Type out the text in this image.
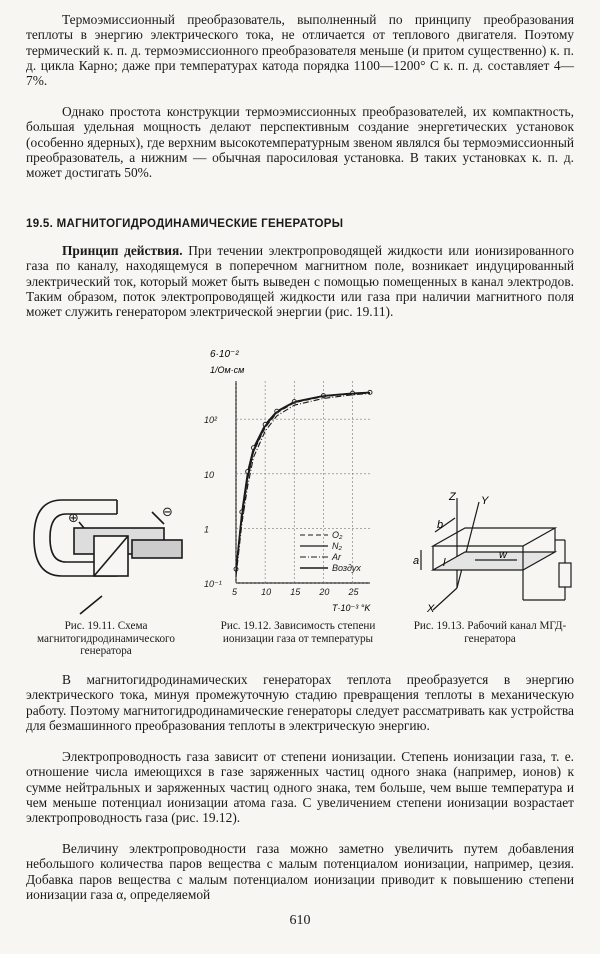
Термоэмиссионный преобразователь, выполненный по принципу преобразования теплоты в энергию электрического тока, не отличается от теплового двигателя. Поэтому термический к. п. д. термоэмиссионного преобразователя меньше (и притом существенно) к. п. д. цикла Карно; даже при температурах катода порядка 1100—1200° С к. п. д. составляет 4—7%.

Однако простота конструкции термоэмиссионных преобразователей, их компактность, большая удельная мощность делают перспективным создание энергетических установок (особенно ядерных), где верхним высокотемпературным звеном являлся бы термоэмиссионный преобразователь, а нижним — обычная паросиловая установка. В таких установках к. п. д. может достигать 50%.

19.5. МАГНИТОГИДРОДИНАМИЧЕСКИЕ ГЕНЕРАТОРЫ

Принцип действия. При течении электропроводящей жидкости или ионизированного газа по каналу, находящемуся в поперечном магнитном поле, возникает индуцированный электрический ток, который может быть выведен с помощью помещенных в канал электродов. Таким образом, поток электропроводящей жидкости или газа при наличии магнитного поля может служить генератором электрической энергии (рис. 19.11).

⊕	⊖

Рис. 19.11. Схема магнитогидродинамического генератора

5	10 15 20 25
10⁻¹
1
10
10²
O₂
N₂
Ar
Воздух
6·10⁻²
1/Ом·см
T·10⁻³ °K

Рис. 19.12. Зависимость степени ионизации газа от температуры

Z Y
X
b
a l
w

Рис. 19.13. Рабочий канал МГД-генератора

В магнитогидродинамических генераторах теплота преобразуется в энергию электрического тока, минуя промежуточную стадию превращения теплоты в механическую работу. Поэтому магнитогидродинамические генераторы следует рассматривать как устройства для безмашинного преобразования теплоты в электрическую энергию.

Электропроводность газа зависит от степени ионизации. Степень ионизации газа, т. е. отношение числа имеющихся в газе заряженных частиц одного знака (например, ионов) к сумме нейтральных и заряженных частиц одного знака, тем больше, чем выше температура и чем меньше потенциал ионизации атома газа. С увеличением степени ионизации возрастает электропроводность газа (рис. 19.12).

Величину электропроводности газа можно заметно увеличить путем добавления небольшого количества паров вещества с малым потенциалом ионизации, например, цезия. Добавка паров вещества с малым потенциалом ионизации приводит к повышению степени ионизации газа α, определяемой

610
